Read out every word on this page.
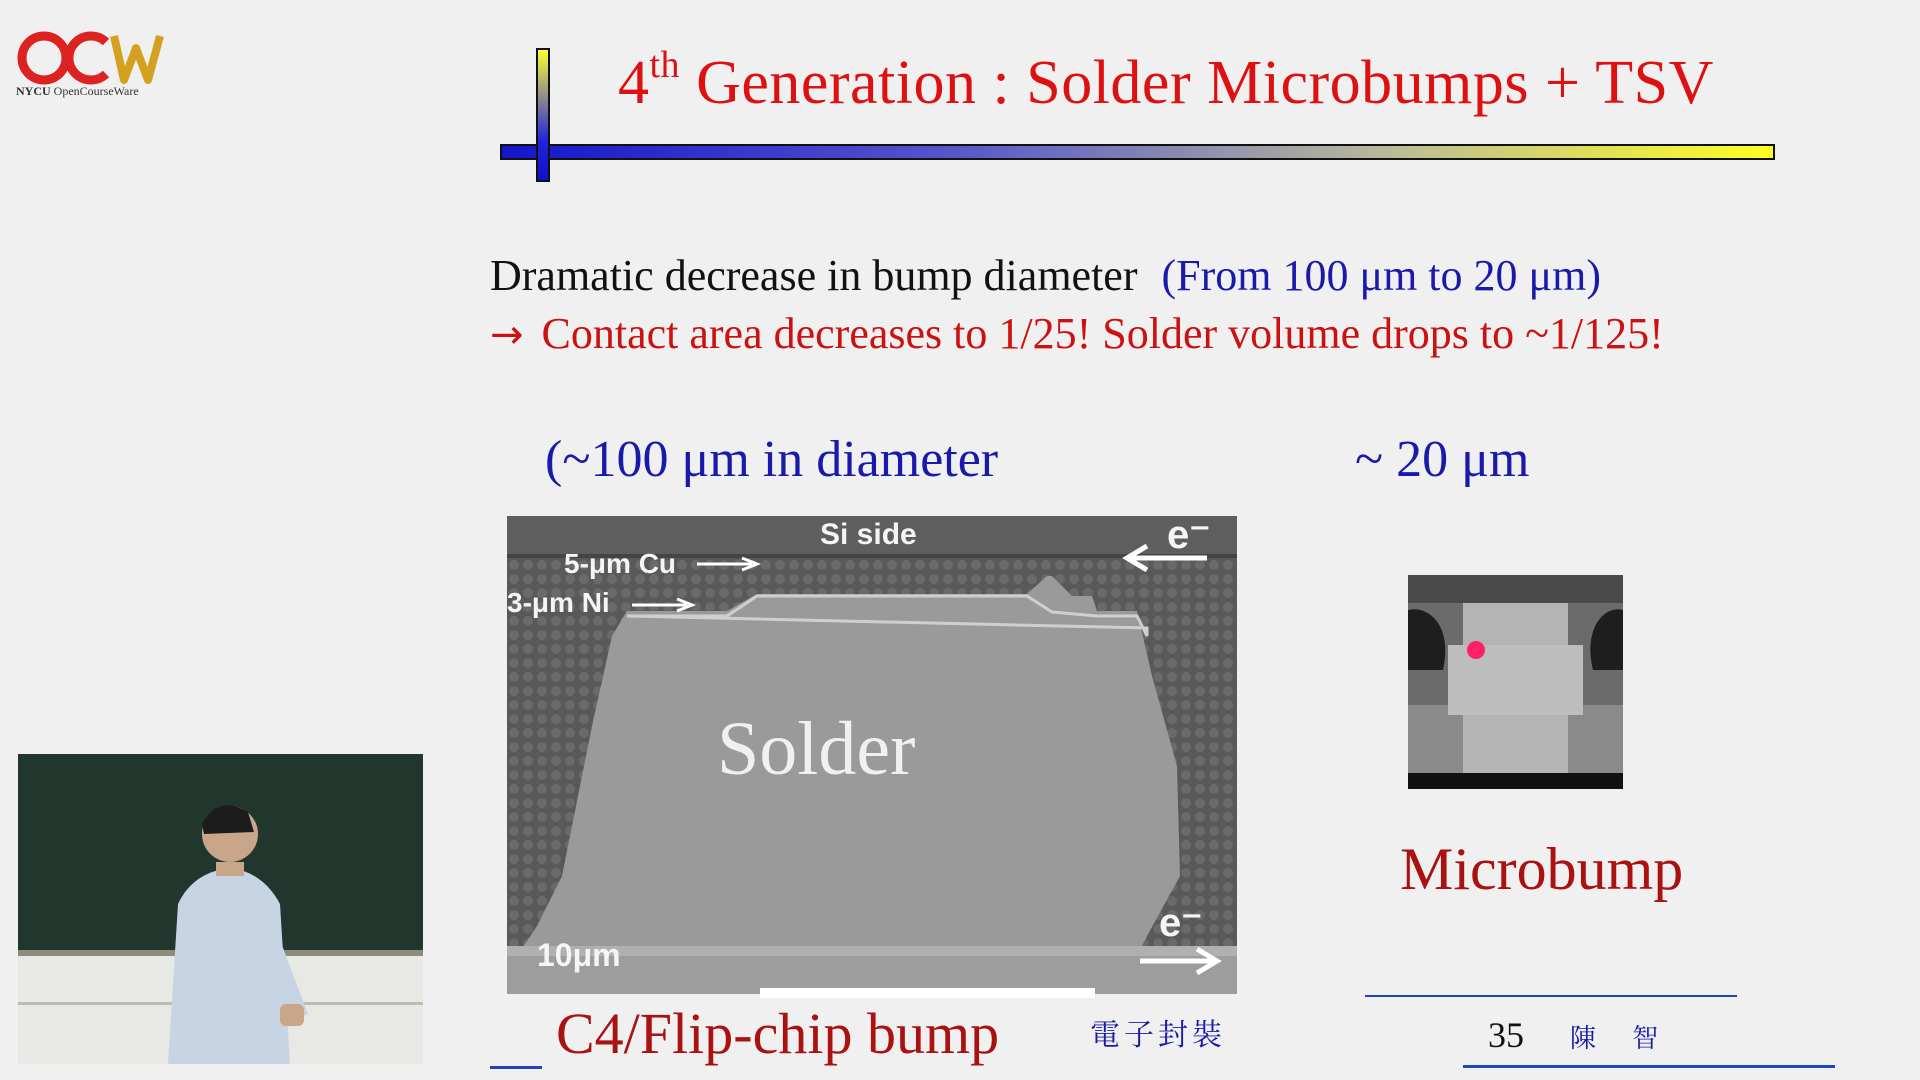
NYCU OpenCourseWare	4th Generation : Solder Microbumps + TSV
Dramatic decrease in bump diameter (From 100 μm to 20 μm)
→ Contact area decreases to 1/25! Solder volume drops to ~1/125!
(~100 μm in diameter	~ 20 μm
Si side
5-μm Cu
3-μm Ni
e⁻
Solder
10μm
e⁻
Microbump
C4/Flip-chip bump	電子封裝	35 陳 智
